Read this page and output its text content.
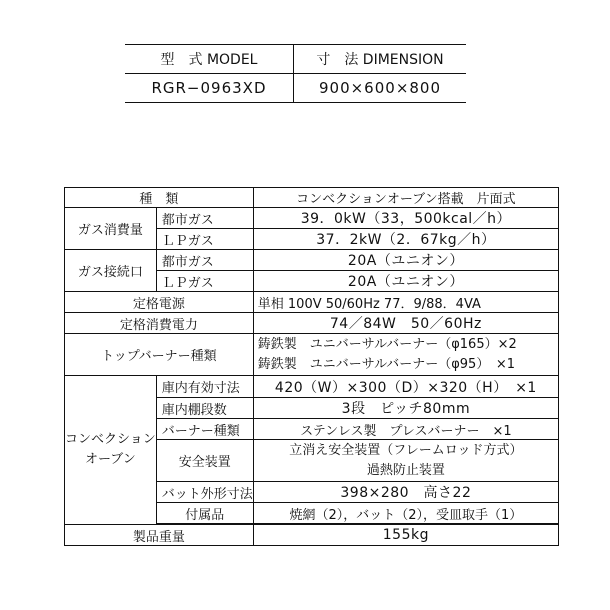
型　式 MODEL	寸　法 DIMENSION
RGR−0963XD	900×600×800
種　類		コンベクションオーブン搭載　片面式
ガス消費量	都市ガス	39．0kW（33，500kcal／h）
	ＬＰガス	37．2kW（2．67kg／h）
ガス接続口	都市ガス	20A（ユニオン）
	ＬＰガス	20A（ユニオン）
定格電源		単相 100V 50/60Hz 77．9/88．4VA
定格消費電力		74／84W　50／60Hz
トップバーナー種類		鋳鉄製　ユニバーサルバーナー（φ165）×2
鋳鉄製　ユニバーサルバーナー（φ95）　×1

コンベクション
オーブン	庫内有効寸法	420（W）×300（D）×320（H）　×1
	庫内棚段数	3段　ピッチ80mm
	バーナー種類	ステンレス製　プレスバーナー　×1
	安全装置	立消え安全装置（フレームロッド方式）
過熱防止装置

	バット外形寸法	398×280　高さ22
	付属品	焼網（2），バット（2），受皿取手（1）

製品重量		155kg
